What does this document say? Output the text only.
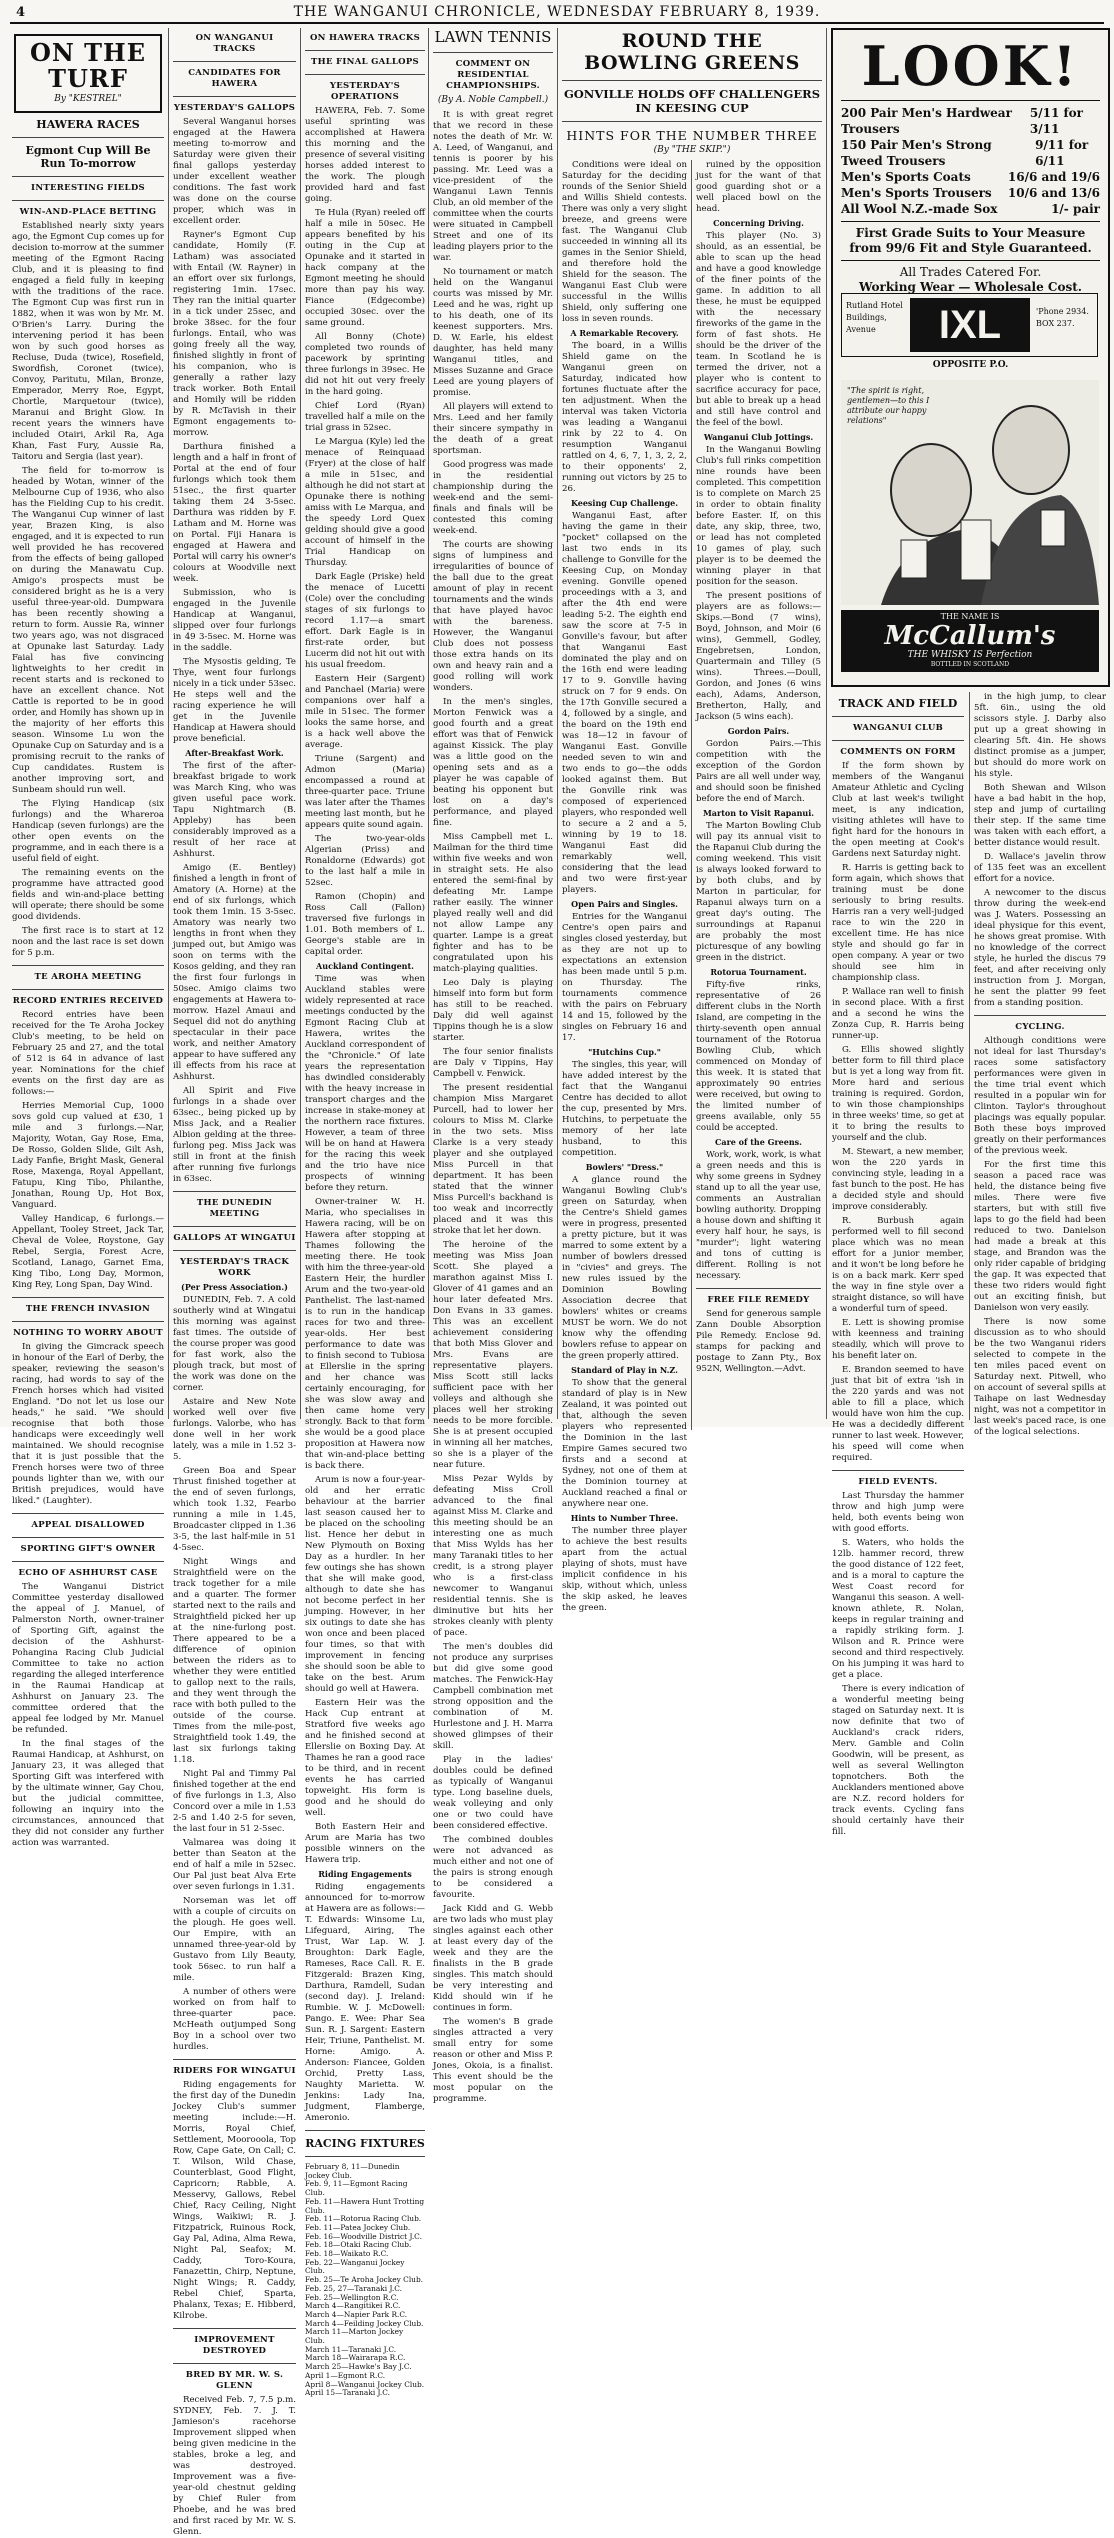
4	THE WANGANUI CHRONICLE, WEDNESDAY FEBRUARY 8, 1939.
ON THE TURF
By "KESTREL"
HAWERA RACES
Egmont Cup Will Be Run To-morrow
INTERESTING FIELDS
WIN-AND-PLACE BETTING

Established nearly sixty years ago, the Egmont Cup comes up for decision to-morrow at the summer meeting of the Egmont Racing Club, and it is pleasing to find engaged a field fully in keeping with the traditions of the race. The Egmont Cup was first run in 1882, when it was won by Mr. M. O'Brien's Larry. During the intervening period it has been won by such good horses as Recluse, Duda (twice), Rosefield, Swordfish, Coronet (twice), Convoy, Paritutu, Milan, Bronze, Emperador, Merry Roe, Egypt, Chortle, Marquetour (twice), Maranui and Bright Glow. In recent years the winners have included Otairi, Arkil Ra, Aga Khan, Fast Fury, Aussie Ra, Taitoru and Sergia (last year).

The field for to-morrow is headed by Wotan, winner of the Melbourne Cup of 1936, who also has the Fielding Cup to his credit. The Wanganui Cup winner of last year, Brazen King, is also engaged, and it is expected to run well provided he has recovered from the effects of being galloped on during the Manawatu Cup. Amigo's prospects must be considered bright as he is a very useful three-year-old. Dumpwara has been recently showing a return to form. Aussie Ra, winner two years ago, was not disgraced at Opunake last Saturday. Lady Faial has five convincing lightweights to her credit in recent starts and is reckoned to have an excellent chance. Not Cattle is reported to be in good order, and Homily has shown up in the majority of her efforts this season. Winsome Lu won the Opunake Cup on Saturday and is a promising recruit to the ranks of Cup candidates. Rustem is another improving sort, and Sunbeam should run well.

The Flying Handicap (six furlongs) and the Whareroa Handicap (seven furlongs) are the other open events on the programme, and in each there is a useful field of eight.

The remaining events on the programme have attracted good fields and win-and-place betting will operate; there should be some good dividends.

The first race is to start at 12 noon and the last race is set down for 5 p.m.

TE AROHA MEETING
RECORD ENTRIES RECEIVED

Record entries have been received for the Te Aroha Jockey Club's meeting, to be held on February 25 and 27, and the total of 512 is 64 in advance of last year. Nominations for the chief events on the first day are as follows:—

Herries Memorial Cup, 1000 sovs gold cup valued at £30, 1 mile and 3 furlongs.—Nar, Majority, Wotan, Gay Rose, Ema, De Rosso, Golden Slide, Gilt Ash, Lady Fanfie, Bright Mask, General Rose, Maxenga, Royal Appellant, Fatupu, King Tibo, Philanthe, Jonathan, Roung Up, Hot Box, Vanguard.

Valley Handicap, 6 furlongs.—Appellant, Tooley Street, Jack Tar, Cheval de Volee, Roystone, Gay Rebel, Sergia, Forest Acre, Scotland, Lanago, Garnet Ema, King Tibo, Long Day, Mormon, King Rey, Long Span, Day Wind.

THE FRENCH INVASION
NOTHING TO WORRY ABOUT

In giving the Gimcrack speech in honour of the Earl of Derby, the speaker, reviewing the season's racing, had words to say of the French horses which had visited England. "Do not let us lose our heads," he said. "We should recognise that both those handicaps were exceedingly well maintained. We should recognise that it is just possible that the French horses were two of three pounds lighter than we, with our British prejudices, would have liked." (Laughter).

APPEAL DISALLOWED
SPORTING GIFT'S OWNER
ECHO OF ASHHURST CASE

The Wanganui District Committee yesterday disallowed the appeal of J. Manuel, of Palmerston North, owner-trainer of Sporting Gift, against the decision of the Ashhurst-Pohangina Racing Club Judicial Committee to take no action regarding the alleged interference in the Raumai Handicap at Ashhurst on January 23. The committee ordered that the appeal fee lodged by Mr. Manuel be refunded.

In the final stages of the Raumai Handicap, at Ashhurst, on January 23, it was alleged that Sporting Gift was interfered with by the ultimate winner, Gay Chou, but the judicial committee, following an inquiry into the circumstances, announced that they did not consider any further action was warranted.

ON WANGANUI TRACKS
CANDIDATES FOR HAWERA
YESTERDAY'S GALLOPS

Several Wanganui horses engaged at the Hawera meeting to-morrow and Saturday were given their final gallops yesterday under excellent weather conditions. The fast work was done on the course proper, which was in excellent order.

Rayner's Egmont Cup candidate, Homily (F. Latham) was associated with Entail (W. Rayner) in an effort over six furlongs, registering 1min. 17sec. They ran the initial quarter in a tick under 25sec, and broke 38sec. for the four furlongs. Entail, who was going freely all the way, finished slightly in front of his companion, who is generally a rather lazy track worker. Both Entail and Homily will be ridden by R. McTavish in their Egmont engagements to-morrow.

Darthura finished a length and a half in front of Portal at the end of four furlongs which took them 51sec., the first quarter taking them 24 3-5sec. Darthura was ridden by F. Latham and M. Horne was on Portal. Fiji Hanara is engaged at Hawera and Portal will carry his owner's colours at Woodville next week.

Submission, who is engaged in the Juvenile Handicap at Wanganui, slipped over four furlongs in 49 3-5sec. M. Horne was in the saddle.

The Mysostis gelding, Te Thye, went four furlongs nicely in a tick under 53sec. He steps well and the racing experience he will get in the Juvenile Handicap at Hawera should prove beneficial.

After-Breakfast Work.

The first of the after-breakfast brigade to work was March King, who was given useful pace work. Tapu Nightmarch (B. Appleby) has been considerably improved as a result of her race at Ashhurst.

Amigo (E. Bentley) finished a length in front of Amatory (A. Horne) at the end of six furlongs, which took them 1min. 15 3-5sec. Amatory was nearly two lengths in front when they jumped out, but Amigo was soon on terms with the Kosos gelding, and they ran the first four furlongs in 50sec. Amigo claims two engagements at Hawera to-morrow. Hazel Amaui and Sequel did not do anything spectacular in their pace work, and neither Amatory appear to have suffered any ill effects from his race at Ashhurst.

All Spirit and Five furlongs in a shade over 63sec., being picked up by Miss Jack, and a Realier Albion gelding at the three-furlong peg. Miss Jack was still in front at the finish after running five furlongs in 63sec.

THE DUNEDIN MEETING
GALLOPS AT WINGATUI
YESTERDAY'S TRACK WORK
(Per Press Association.)

DUNEDIN, Feb. 7. A cold southerly wind at Wingatui this morning was against fast times. The outside of the course proper was good for fast work, also the plough track, but most of the work was done on the corner.

Astaire and New Note worked well over five furlongs. Valorbe, who has done well in her work lately, was a mile in 1.52 3-5.

Green Boa and Spear Thrust finished together at the end of seven furlongs, which took 1.32, Fearbo running a mile in 1.45, Broadcaster clipped in 1.36 3-5, the last half-mile in 51 4-5sec.

Night Wings and Straightfield were on the track together for a mile and a quarter. The former started next to the rails and Straightfield picked her up at the nine-furlong post. There appeared to be a difference of opinion between the riders as to whether they were entitled to gallop next to the rails, and they went through the race with both pulled to the outside of the course. Times from the mile-post, Straightfield took 1.49, the last six furlongs taking 1.18.

Night Pal and Timmy Pal finished together at the end of five furlongs in 1.3, Also Concord over a mile in 1.53 2-5 and 1.40 2-5 for seven, the last four in 51 2-5sec.

Valmarea was doing it better than Seaton at the end of half a mile in 52sec. Our Pal just beat Alva Erte over seven furlongs in 1.31.

Norseman was let off with a couple of circuits on the plough. He goes well. Our Empire, with an unnamed three-year-old by Gustavo from Lily Beauty, took 56sec. to run half a mile.

A number of others were worked on from half to three-quarter pace. McHeath outjumped Song Boy in a school over two hurdles.

RIDERS FOR WINGATUI

Riding engagements for the first day of the Dunedin Jockey Club's summer meeting include:—H. Morris, Royal Chief, Settlement, Moorooola, Top Row, Cape Gate, On Call; C. T. Wilson, Wild Chase, Counterblast, Good Flight, Capricorn; Rabble, A. Messervy, Gallows, Rebel Chief, Racy Ceiling, Night Wings, Waikiwi; R. J. Fitzpatrick, Ruinous Rock, Gay Pal, Adina, Alma Rewa, Night Pal, Seafox; M. Caddy, Toro-Koura, Fanazettin, Chirp, Neptune, Night Wings; R. Caddy, Rebel Chief, Sparta, Phalanx, Texas; E. Hibberd, Kilrobe.

IMPROVEMENT DESTROYED
BRED BY MR. W. S. GLENN

Received Feb. 7, 7.5 p.m. SYDNEY, Feb. 7. J. T. Jamieson's racehorse Improvement slipped when being given medicine in the stables, broke a leg, and was destroyed. Improvement was a five-year-old chestnut gelding by Chief Ruler from Phoebe, and he was bred and first raced by Mr. W. S. Glenn.

ON HAWERA TRACKS
THE FINAL GALLOPS
YESTERDAY'S OPERATIONS

HAWERA, Feb. 7. Some useful sprinting was accomplished at Hawera this morning and the presence of several visiting horses added interest to the work. The plough provided hard and fast going.

Te Hula (Ryan) reeled off half a mile in 50sec. He appears benefited by his outing in the Cup at Opunake and it started in hack company at the Egmont meeting he should more than pay his way. Fiance (Edgecombe) occupied 30sec. over the same ground.

All Bonny (Chote) completed two rounds of pacework by sprinting three furlongs in 39sec. He did not hit out very freely in the hard going.

Chief Lord (Ryan) travelled half a mile on the trial grass in 52sec.

Le Margua (Kyle) led the menace of Reinquaad (Fryer) at the close of half a mile in 51sec, and although he did not start at Opunake there is nothing amiss with Le Marqua, and the speedy Lord Quex gelding should give a good account of himself in the Trial Handicap on Thursday.

Dark Eagle (Priske) held the menace of Lucetti (Cole) over the concluding stages of six furlongs to record 1.17—a smart effort. Dark Eagle is in first-rate order, but Lucerm did not hit out with his usual freedom.

Eastern Heir (Sargent) and Panchael (Maria) were companions over half a mile in 51sec. The former looks the same horse, and is a hack well above the average.

Triune (Sargent) and Admon (Maria) encompassed a round at three-quarter pace. Triune was later after the Thames meeting last month, but he appears quite sound again.

The two-year-olds Algerian (Priss) and Ronaldorne (Edwards) got to the last half a mile in 52sec.

Ramon (Chopin) and Ross Call (Fallon) traversed five furlongs in 1.01. Both members of L. George's stable are in capital order.

Auckland Contingent.

Time was when Auckland stables were widely represented at race meetings conducted by the Egmont Racing Club at Hawera, writes the Auckland correspondent of the "Chronicle." Of late years the representation has dwindled considerably with the heavy increase in transport charges and the increase in stake-money at the northern race fixtures. However, a team of three will be on hand at Hawera for the racing this week and the trio have nice prospects of winning before they return.

Owner-trainer W. H. Maria, who specialises in Hawera racing, will be on Hawera after stopping at Thames following the meeting there. He took with him the three-year-old Eastern Heir, the hurdler Arum and the two-year-old Panthelist. The last-named is to run in the handicap races for two and three-year-olds. Her best performance to date was to finish second to Tubiosa at Ellerslie in the spring and her chance was certainly encouraging, for she was slow away and then came home very strongly. Back to that form she would be a good place proposition at Hawera now that win-and-place betting is back there.

Arum is now a four-year-old and her erratic behaviour at the barrier last season caused her to be placed on the schooling list. Hence her debut in New Plymouth on Boxing Day as a hurdler. In her few outings she has shown that she will make good, although to date she has not become perfect in her jumping. However, in her six outings to date she has won once and been placed four times, so that with improvement in fencing she should soon be able to take on the best. Arum should go well at Hawera.

Eastern Heir was the Hack Cup entrant at Stratford five weeks ago and he finished second at Ellerslie on Boxing Day. At Thames he ran a good race to be third, and in recent events he has carried topweight. His form is good and he should do well.

Both Eastern Heir and Arum are Maria has two possible winners on the Hawera trip.

Riding Engagements

Riding engagements announced for to-morrow at Hawera are as follows:—T. Edwards: Winsome Lu, Lifeguard, Airing, The Trust, War Lap. W. J. Broughton: Dark Eagle, Rameses, Race Call. R. E. Fitzgerald: Brazen King, Darthura, Ramdell, Sudan (second day). J. Ireland: Rumbie. W. J. McDowell: Pango. E. Wee: Phar Sea Sun. R. J. Sargent: Eastern Heir, Triune, Panthelist. M. Horne: Amigo. A. Anderson: Fiancee, Golden Orchid, Pretty Lass, Naughty Marietta. W. Jenkins: Lady Ina, Judgment, Flamberge, Ameronio.

RACING FIXTURES

February 8, 11—Dunedin Jockey Club.

Feb. 9, 11—Egmont Racing Club.

Feb. 11—Hawera Hunt Trotting Club.

Feb. 11—Rotorua Racing Club.

Feb. 11—Patea Jockey Club.

Feb. 16—Woodville District J.C.

Feb. 18—Otaki Racing Club.

Feb. 18—Waikato R.C.

Feb. 22—Wanganui Jockey Club.

Feb. 25—Te Aroha Jockey Club.

Feb. 25, 27—Taranaki J.C.

Feb. 25—Wellington R.C.

March 4—Rangitikei R.C.

March 4—Napier Park R.C.

March 4—Feilding Jockey Club.

March 11—Marton Jockey Club.

March 11—Taranaki J.C.

March 18—Wairarapa R.C.

March 25—Hawke's Bay J.C.

April 1—Egmont R.C.

April 8—Wanganui Jockey Club.

April 15—Taranaki J.C.

LAWN TENNIS
COMMENT ON RESIDENTIAL CHAMPIONSHIPS.
(By A. Noble Campbell.)

It is with great regret that we record in these notes the death of Mr. W. A. Leed, of Wanganui, and tennis is poorer by his passing. Mr. Leed was a vice-president of the Wanganui Lawn Tennis Club, an old member of the committee when the courts were situated in Campbell Street and one of its leading players prior to the war.

No tournament or match held on the Wanganui courts was missed by Mr. Leed and he was, right up to his death, one of its keenest supporters. Mrs. D. W. Earle, his eldest daughter, has held many Wanganui titles, and Misses Suzanne and Grace Leed are young players of promise.

All players will extend to Mrs. Leed and her family their sincere sympathy in the death of a great sportsman.

Good progress was made in the residential championship during the week-end and the semi-finals and finals will be contested this coming week-end.

The courts are showing signs of lumpiness and irregularities of bounce of the ball due to the great amount of play in recent tournaments and the winds that have played havoc with the bareness. However, the Wanganui Club does not possess those extra hands on its own and heavy rain and a good rolling will work wonders.

In the men's singles, Morton Fenwick was a good fourth and a great effort was that of Fenwick against Kissick. The play was a little good on the opening sets and as a player he was capable of beating his opponent but lost on a day's performance, and played fine.

Miss Campbell met L. Mailman for the third time within five weeks and won in straight sets. He also entered the semi-final by defeating Mr. Lampe rather easily. The winner played really well and did not allow Lampe any quarter. Lampe is a great fighter and has to be congratulated upon his match-playing qualities.

Leo Daly is playing himself into form but form has still to be reached. Daly did well against Tippins though he is a slow starter.

The four senior finalists are Daly v Tippins, Hay Campbell v. Fenwick.

The present residential champion Miss Margaret Purcell, had to lower her colours to Miss M. Clarke in the two sets. Miss Clarke is a very steady player and she outplayed Miss Purcell in that department. It has been stated that the winner Miss Purcell's backhand is too weak and incorrectly placed and it was this stroke that let her down.

The heroine of the meeting was Miss Joan Scott. She played a marathon against Miss I. Glover of 41 games and an hour later defeated Mrs. Don Evans in 33 games. This was an excellent achievement considering that both Miss Glover and Mrs. Evans are representative players. Miss Scott still lacks sufficient pace with her volleys and although she places well her stroking needs to be more forcible. She is at present occupied in winning all her matches, so she is a player of the near future.

Miss Pezar Wylds by defeating Miss Croll advanced to the final against Miss M. Clarke and this meeting should be an interesting one as much that Miss Wylds has her many Taranaki titles to her credit, is a strong player who is a first-class newcomer to Wanganui residential tennis. She is diminutive but hits her strokes cleanly with plenty of pace.

The men's doubles did not produce any surprises but did give some good matches. The Fenwick-Hay Campbell combination met strong opposition and the combination of M. Hurlestone and J. H. Marra showed glimpses of their skill.

Play in the ladies' doubles could be defined as typically of Wanganui type. Long baseline duels, weak volleying and only one or two could have been considered effective.

The combined doubles were not advanced as much either and not one of the pairs is strong enough to be considered a favourite.

Jack Kidd and G. Webb are two lads who must play singles against each other at least every day of the week and they are the finalists in the B grade singles. This match should be very interesting and Kidd should win if he continues in form.

The women's B grade singles attracted a very small entry for some reason or other and Miss P. Jones, Okoia, is a finalist. This event should be the most popular on the programme.

ROUND THE BOWLING GREENS
GONVILLE HOLDS OFF CHALLENGERS IN KEESING CUP
HINTS FOR THE NUMBER THREE
(By "THE SKIP.")

Conditions were ideal on Saturday for the deciding rounds of the Senior Shield and Willis Shield contests. There was only a very slight breeze, and greens were fast. The Wanganui Club succeeded in winning all its games in the Senior Shield, and therefore hold the Shield for the season. The Wanganui East Club were successful in the Willis Shield, only suffering one loss in seven rounds.

A Remarkable Recovery.

The board, in a Willis Shield game on the Wanganui green on Saturday, indicated how fortunes fluctuate after the ten adjustment. When the interval was taken Victoria was leading a Wanganui rink by 22 to 4. On resumption Wanganui rattled on 4, 6, 7, 1, 3, 2, 2, to their opponents' 2, running out victors by 25 to 26.

Keesing Cup Challenge.

Wanganui East, after having the game in their "pocket" collapsed on the last two ends in its challenge to Gonville for the Keesing Cup, on Monday evening. Gonville opened proceedings with a 3, and after the 4th end were leading 5-2. The eighth end saw the score at 7-5 in Gonville's favour, but after that Wanganui East dominated the play and on the 16th end were leading 17 to 9. Gonville having struck on 7 for 9 ends. On the 17th Gonville secured a 4, followed by a single, and the board on the 19th end was 18—12 in favour of Wanganui East. Gonville needed seven to win and two ends to go—the odds looked against them. But the Gonville rink was composed of experienced players, who responded well to secure a 2 and a 5, winning by 19 to 18. Wanganui East did remarkably well, considering that the lead and two were first-year players.

Open Pairs and Singles.

Entries for the Wanganui Centre's open pairs and singles closed yesterday, but as they are not up to expectations an extension has been made until 5 p.m. on Thursday. The tournaments commence with the pairs on February 14 and 15, followed by the singles on February 16 and 17.

"Hutchins Cup."

The singles, this year, will have added interest by the fact that the Wanganui Centre has decided to allot the cup, presented by Mrs. Hutchins, to perpetuate the memory of her late husband, to this competition.

Bowlers' "Dress."

A glance round the Wanganui Bowling Club's green on Saturday, when the Centre's Shield games were in progress, presented a pretty picture, but it was marred to some extent by a number of bowlers dressed in "civies" and greys. The new rules issued by the Dominion Bowling Association decree that bowlers' whites or creams MUST be worn. We do not know why the offending bowlers refuse to appear on the green properly attired.

Standard of Play in N.Z.

To show that the general standard of play is in New Zealand, it was pointed out that, although the seven players who represented the Dominion in the last Empire Games secured two firsts and a second at Sydney, not one of them at the Dominion tourney at Auckland reached a final or anywhere near one.

Hints to Number Three.

The number three player to achieve the best results apart from the actual playing of shots, must have implicit confidence in his skip, without which, unless the skip asked, he leaves the green.

ruined by the opposition just for the want of that good guarding shot or a well placed bowl on the head.

Concerning Driving.

This player (No. 3) should, as an essential, be able to scan up the head and have a good knowledge of the finer points of the game. In addition to all these, he must be equipped with the necessary fireworks of the game in the form of fast shots. He should be the driver of the team. In Scotland he is termed the driver, not a player who is content to sacrifice accuracy for pace, but able to break up a head and still have control and the feel of the bowl.

Wanganui Club Jottings.

In the Wanganui Bowling Club's full rinks competition nine rounds have been completed. This competition is to complete on March 25 in order to obtain finality before Easter. If, on this date, any skip, three, two, or lead has not completed 10 games of play, such player is to be deemed the winning player in that position for the season.

The present positions of players are as follows:— Skips.—Bond (7 wins), Boyd, Johnson, and Moir (6 wins), Gemmell, Godley, Engebretsen, London, Quartermain and Tilley (5 wins). Threes.—Doull, Gordon, and Jones (6 wins each), Adams, Anderson, Bretherton, Hally, and Jackson (5 wins each).

Gordon Pairs.

Gordon Pairs.—This competition with the exception of the Gordon Pairs are all well under way, and should soon be finished before the end of March.

Marton to Visit Rapanui.

The Marton Bowling Club will pay its annual visit to the Rapanui Club during the coming weekend. This visit is always looked forward to by both clubs, and by Marton in particular, for Rapanui always turn on a great day's outing. The surroundings at Rapanui are probably the most picturesque of any bowling green in the district.

Rotorua Tournament.

Fifty-five rinks, representative of 26 different clubs in the North Island, are competing in the thirty-seventh open annual tournament of the Rotorua Bowling Club, which commenced on Monday of this week. It is stated that approximately 90 entries were received, but owing to the limited number of greens available, only 55 could be accepted.

Care of the Greens.

Work, work, work, is what a green needs and this is why some greens in Sydney stand up to all the year use, comments an Australian bowling authority. Dropping a house down and shifting it every half hour, he says, is "murder"; light watering and tons of cutting is different. Rolling is not necessary.

FREE FILE REMEDY

Send for generous sample Zann Double Absorption Pile Remedy. Enclose 9d. stamps for packing and postage to Zann Pty., Box 952N, Wellington.—Advt.

LOOK!
200 Pair Men's Hardwear Trousers
5/11 for 3/11
150 Pair Men's Strong Tweed Trousers
9/11 for 6/11
Men's Sports Coats	16/6 and 19/6
Men's Sports Trousers 10/6 and 13/6
All Wool N.Z.-made Sox	1/- pair
First Grade Suits to Your Measure from 99/6 Fit and Style Guaranteed.
All Trades Catered For.
Working Wear — Wholesale Cost.
Rutland Hotel Buildings, Avenue	IXL	'Phone 2934. BOX 237.
OPPOSITE P.O.
"The spirit is right, gentlemen—to this I attribute our happy relations"
THE NAME IS
McCallum's
THE WHISKY IS Perfection
BOTTLED IN SCOTLAND
TRACK AND FIELD
WANGANUI CLUB
COMMENTS ON FORM

If the form shown by members of the Wanganui Amateur Athletic and Cycling Club at last week's twilight meet, is any indication, visiting athletes will have to fight hard for the honours in the open meeting at Cook's Gardens next Saturday night.

R. Harris is getting back to form again, which shows that training must be done seriously to bring results. Harris ran a very well-judged race to win the 220 in excellent time. He has nice style and should go far in open company. A year or two should see him in championship class.

P. Wallace ran well to finish in second place. With a first and a second he wins the Zonza Cup, R. Harris being runner-up.

G. Ellis showed slightly better form to fill third place but is yet a long way from fit. More hard and serious training is required. Gordon, to win those championships in three weeks' time, so get at it to bring the results to yourself and the club.

M. Stewart, a new member, won the 220 yards in convincing style, leading in a fast bunch to the post. He has a decided style and should improve considerably.

R. Burbush again performed well to fill second place which was no mean effort for a junior member, and it won't be long before he is on a back mark. Kerr sped the way in fine style over a straight distance, so will have a wonderful turn of speed.

E. Lett is showing promise with keenness and training steadily, which will prove to his benefit later on.

E. Brandon seemed to have just that bit of extra 'ish in the 220 yards and was not able to fill a place, which would have won him the cup. He was a decidedly different runner to last week. However, his speed will come when required.

FIELD EVENTS.

Last Thursday the hammer throw and high jump were held, both events being won with good efforts.

S. Waters, who holds the 12lb. hammer record, threw the good distance of 122 feet, and is a moral to capture the West Coast record for Wanganui this season. A well-known athlete, R. Nolan, keeps in regular training and a rapidly striking form. J. Wilson and R. Prince were second and third respectively. On his jumping it was hard to get a place.

There is every indication of a wonderful meeting being staged on Saturday next. It is now definite that two of Auckland's crack riders, Merv. Gamble and Colin Goodwin, will be present, as well as several Wellington topnotchers. Both the Aucklanders mentioned above are N.Z. record holders for track events. Cycling fans should certainly have their fill.

in the high jump, to clear 5ft. 6in., using the old scissors style. J. Darby also put up a great showing in clearing 5ft. 4in. He shows distinct promise as a jumper, but should do more work on his style.

Both Shewan and Wilson have a bad habit in the hop, step and jump of curtailing their step. If the same time was taken with each effort, a better distance would result.

D. Wallace's javelin throw of 135 feet was an excellent effort for a novice.

A newcomer to the discus throw during the week-end was J. Waters. Possessing an ideal physique for this event, he shows great promise. With no knowledge of the correct style, he hurled the discus 79 feet, and after receiving only instruction from J. Morgan, he sent the platter 99 feet from a standing position.

CYCLING.

Although conditions were not ideal for last Thursday's races some satisfactory performances were given in the time trial event which resulted in a popular win for Clinton. Taylor's throughout placings was equally popular. Both these boys improved greatly on their performances of the previous week.

For the first time this season a paced race was held, the distance being five miles. There were five starters, but with still five laps to go the field had been reduced to two. Danielson had made a break at this stage, and Brandon was the only rider capable of bridging the gap. It was expected that these two riders would fight out an exciting finish, but Danielson won very easily.

There is now some discussion as to who should be the two Wanganui riders selected to compete in the ten miles paced event on Saturday next. Pitwell, who on account of several spills at Taihape on last Wednesday night, was not a competitor in last week's paced race, is one of the logical selections.
